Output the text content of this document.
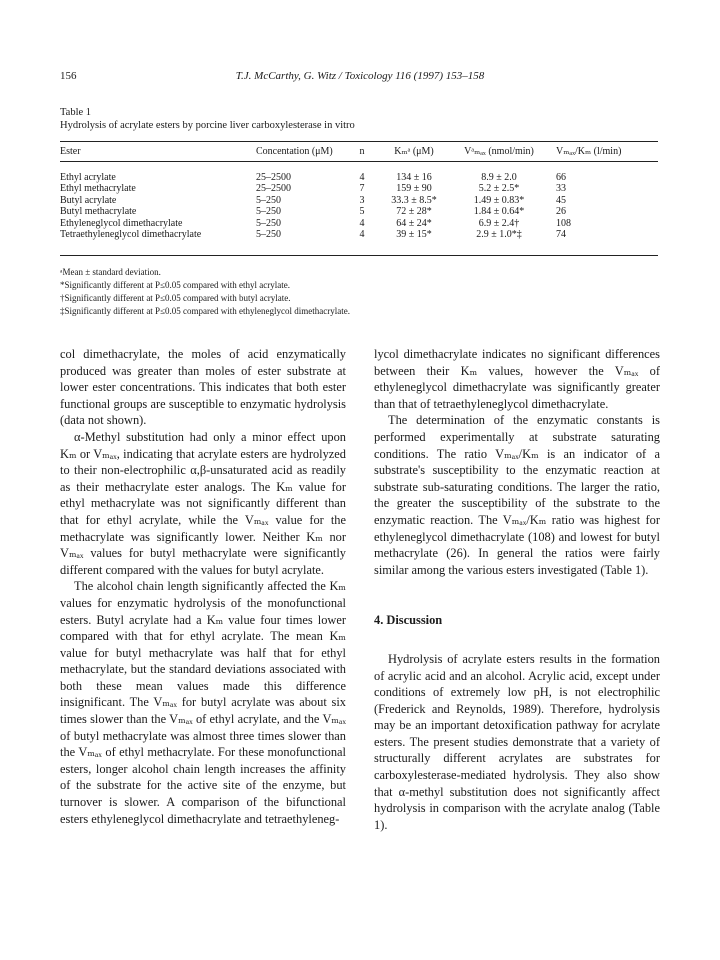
156	T.J. McCarthy, G. Witz / Toxicology 116 (1997) 153–158
Table 1
Hydrolysis of acrylate esters by porcine liver carboxylesterase in vitro
Ester	Concentation (μM)	n	Kₘᵃ (μM)	Vᵃₘₐₓ (nmol/min)	Vₘₐₓ/Kₘ (l/min)

Ethyl acrylate	25–2500	4	134 ± 16	8.9 ± 2.0	66
Ethyl methacrylate	25–2500	7	159 ± 90	5.2 ± 2.5*	33
Butyl acrylate	5–250	3	33.3 ± 8.5*	1.49 ± 0.83*	45
Butyl methacrylate	5–250	5	72 ± 28*	1.84 ± 0.64*	26
Ethyleneglycol dimethacrylate	5–250	4	64 ± 24*	6.9 ± 2.4†	108
Tetraethyleneglycol dimethacrylate	5–250	4	39 ± 15*	2.9 ± 1.0*‡	74
ᵃMean ± standard deviation.
*Significantly different at P≤0.05 compared with ethyl acrylate.
†Significantly different at P≤0.05 compared with butyl acrylate.
‡Significantly different at P≤0.05 compared with ethyleneglycol dimethacrylate.

col dimethacrylate, the moles of acid enzymatically produced was greater than moles of ester substrate at lower ester concentrations. This indicates that both ester functional groups are susceptible to enzymatic hydrolysis (data not shown).

α-Methyl substitution had only a minor effect upon Kₘ or Vₘₐₓ, indicating that acrylate esters are hydrolyzed to their non-electrophilic α,β-unsaturated acid as readily as their methacrylate ester analogs. The Kₘ value for ethyl methacrylate was not significantly different than that for ethyl acrylate, while the Vₘₐₓ value for the methacrylate was significantly lower. Neither Kₘ nor Vₘₐₓ values for butyl methacrylate were significantly different compared with the values for butyl acrylate.

The alcohol chain length significantly affected the Kₘ values for enzymatic hydrolysis of the monofunctional esters. Butyl acrylate had a Kₘ value four times lower compared with that for ethyl acrylate. The mean Kₘ value for butyl methacrylate was half that for ethyl methacrylate, but the standard deviations associated with both these mean values made this difference insignificant. The Vₘₐₓ for butyl acrylate was about six times slower than the Vₘₐₓ of ethyl acrylate, and the Vₘₐₓ of butyl methacrylate was almost three times slower than the Vₘₐₓ of ethyl methacrylate. For these monofunctional esters, longer alcohol chain length increases the affinity of the substrate for the active site of the enzyme, but turnover is slower. A comparison of the bifunctional esters ethyleneglycol dimethacrylate and tetraethyleneg-

lycol dimethacrylate indicates no significant differences between their Kₘ values, however the Vₘₐₓ of ethyleneglycol dimethacrylate was significantly greater than that of tetraethyleneglycol dimethacrylate.

The determination of the enzymatic constants is performed experimentally at substrate saturating conditions. The ratio Vₘₐₓ/Kₘ is an indicator of a substrate's susceptibility to the enzymatic reaction at substrate sub-saturating conditions. The larger the ratio, the greater the susceptibility of the substrate to the enzymatic reaction. The Vₘₐₓ/Kₘ ratio was highest for ethyleneglycol dimethacrylate (108) and lowest for butyl methacrylate (26). In general the ratios were fairly similar among the various esters investigated (Table 1).

4. Discussion

Hydrolysis of acrylate esters results in the formation of acrylic acid and an alcohol. Acrylic acid, except under conditions of extremely low pH, is not electrophilic (Frederick and Reynolds, 1989). Therefore, hydrolysis may be an important detoxification pathway for acrylate esters. The present studies demonstrate that a variety of structurally different acrylates are substrates for carboxylesterase-mediated hydrolysis. They also show that α-methyl substitution does not significantly affect hydrolysis in comparison with the acrylate analog (Table 1).
